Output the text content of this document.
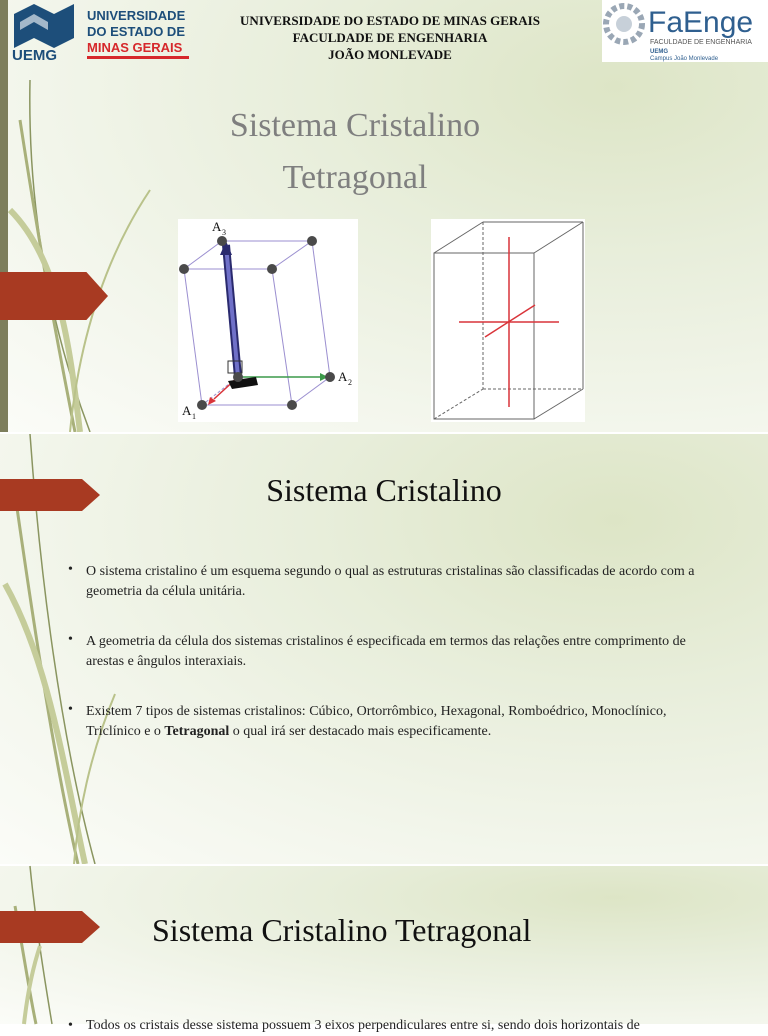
UEMG
UNIVERSIDADE
DO ESTADO DE
MINAS GERAIS
UNIVERSIDADE DO ESTADO DE MINAS GERAIS
FACULDADE DE ENGENHARIA
JOÃO MONLEVADE
FaEnge
FACULDADE DE ENGENHARIA
UEMG
Campus João Monlevade
Sistema Cristalino
Tetragonal
A 3
A 2
A 1
Sistema Cristalino
• O sistema cristalino é um esquema segundo o qual as estruturas cristalinas são classificadas de acordo com a geometria da célula unitária.
• A geometria da célula dos sistemas cristalinos é especificada em termos das relações entre comprimento de arestas e ângulos interaxiais.
• Existem 7 tipos de sistemas cristalinos: Cúbico, Ortorrômbico, Hexagonal, Romboédrico, Monoclínico, Triclínico e o Tetragonal o qual irá ser destacado mais especificamente.
Sistema Cristalino Tetragonal
• Todos os cristais desse sistema possuem 3 eixos perpendiculares entre si, sendo dois horizontais de
